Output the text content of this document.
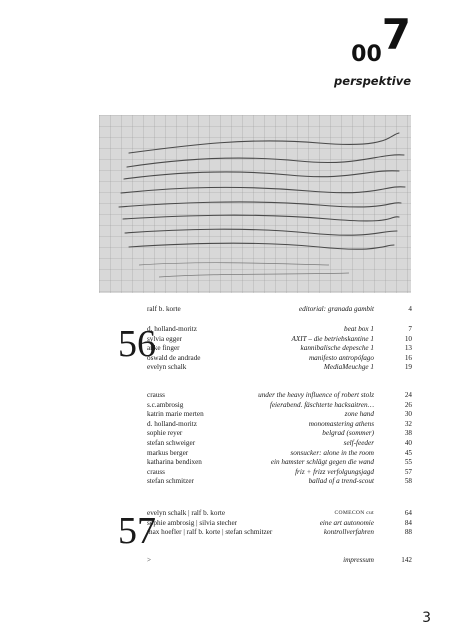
007
perspektive
ralf b. korte	editorial: granada gambit	4
56
d. holland-moritz	beat box 1	7
sylvia egger	AXIT – die betriebskantine 1	10
anke finger	kannibalische depesche 1	13
oswald de andrade	manifesto antropófago	16
evelyn schalk	MediaMeuchge 1	19
crauss	under the heavy influence of robert stolz	24
s.c.ambrosig	feierabend. fäschterte hacksaitren…	26
katrin marie merten	zone hand	30
d. holland-moritz	monomastering athens	32
sophie reyer	belgrad (sommer)	38
stefan schweiger	self-feeder	40
markus berger	sonsucker: alone in the room	45
katharina bendixen	ein hamster schlägt gegen die wand	55
crauss	friz + frizz verfolgungsjagd	57
stefan schmitzer	ballad of a trend-scout	58
57
evelyn schalk | ralf b. korte	COMECON cut	64
sophie ambrosig | silvia stecher	eine art autonomie	84
max hoefler | ralf b. korte | stefan schmitzer	kontrollverfahren	88
>	impressum	142
3
